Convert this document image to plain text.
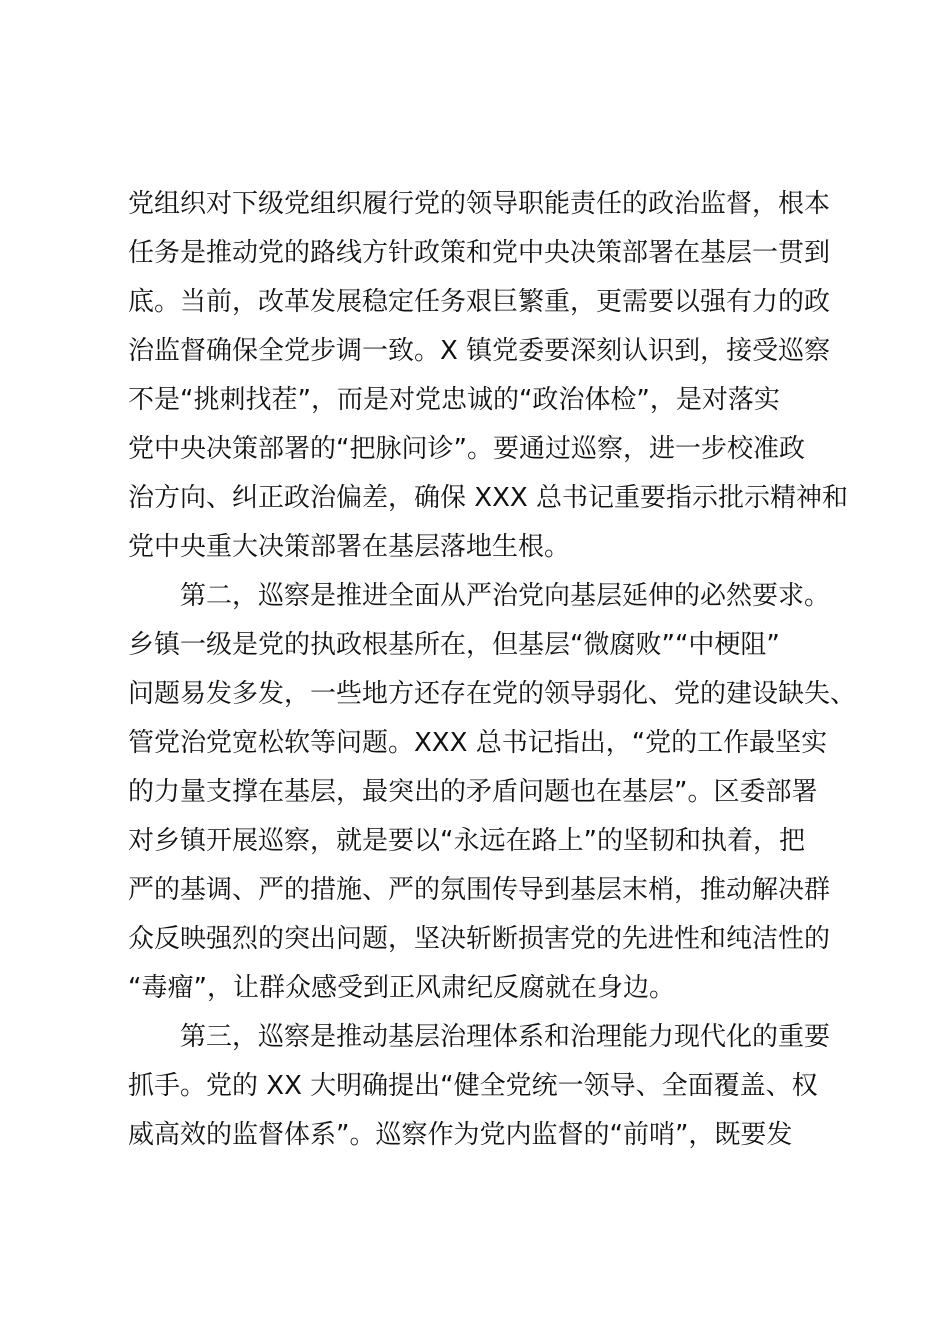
党组织对下级党组织履行党的领导职能责任的政治监督，根本
任务是推动党的路线方针政策和党中央决策部署在基层一贯到
底。当前，改革发展稳定任务艰巨繁重，更需要以强有力的政
治监督确保全党步调一致。X 镇党委要深刻认识到，接受巡察
不是“挑刺找茬”，而是对党忠诚的“政治体检”，是对落实
党中央决策部署的“把脉问诊”。要通过巡察，进一步校准政
治方向、纠正政治偏差，确保 XXX 总书记重要指示批示精神和
党中央重大决策部署在基层落地生根。
第二，巡察是推进全面从严治党向基层延伸的必然要求。
乡镇一级是党的执政根基所在，但基层“微腐败”“中梗阻”
问题易发多发，一些地方还存在党的领导弱化、党的建设缺失、
管党治党宽松软等问题。XXX 总书记指出，“党的工作最坚实
的力量支撑在基层，最突出的矛盾问题也在基层”。区委部署
对乡镇开展巡察，就是要以“永远在路上”的坚韧和执着，把
严的基调、严的措施、严的氛围传导到基层末梢，推动解决群
众反映强烈的突出问题，坚决斩断损害党的先进性和纯洁性的
“毒瘤”，让群众感受到正风肃纪反腐就在身边。
第三，巡察是推动基层治理体系和治理能力现代化的重要
抓手。党的 XX 大明确提出“健全党统一领导、全面覆盖、权
威高效的监督体系”。巡察作为党内监督的“前哨”，既要发
